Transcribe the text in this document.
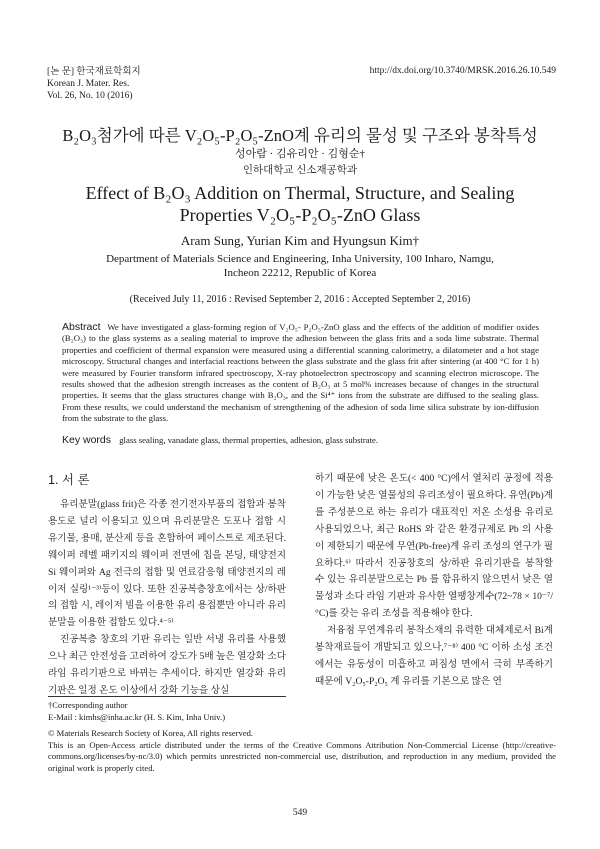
[논 문] 한국재료학회지
Korean J. Mater. Res.
Vol. 26, No. 10 (2016)
http://dx.doi.org/10.3740/MRSK.2016.26.10.549
B₂O₃첨가에 따른 V₂O₅-P₂O₅-ZnO계 유리의 물성 및 구조와 봉착특성
성아람 · 김유리안 · 김형순†
인하대학교 신소재공학과
Effect of B₂O₃ Addition on Thermal, Structure, and Sealing
Properties V₂O₅-P₂O₅-ZnO Glass
Aram Sung, Yurian Kim and Hyungsun Kim†
Department of Materials Science and Engineering, Inha University, 100 Inharo, Namgu,
Incheon 22212, Republic of Korea
(Received July 11, 2016 : Revised September 2, 2016 : Accepted September 2, 2016)
Abstract We have investigated a glass-forming region of V₂O₅- P₂O₅-ZnO glass and the effects of the addition of modifier oxides (B₂O₃) to the glass systems as a sealing material to improve the adhesion between the glass frits and a soda lime substrate. Thermal properties and coefficient of thermal expansion were measured using a differential scanning calorimetry, a dilatometer and a hot stage microscopy. Structural changes and interfacial reactions between the glass substrate and the glass frit after sintering (at 400 °C for 1 h) were measured by Fourier transform infrared spectroscopy, X-ray photoelectron spectroscopy and scanning electron microscope. The results showed that the adhesion strength increases as the content of B₂O₃ at 5 mol% increases because of changes in the structural properties. It seems that the glass structures change with B₂O₃, and the Si⁴⁺ ions from the substrate are diffused to the sealing glass. From these results, we could understand the mechanism of strengthening of the adhesion of soda lime silica substrate by ion-diffusion from the substrate to the glass.
Key words glass sealing, vanadate glass, thermal properties, adhesion, glass substrate.
1. 서 론

유리분말(glass frit)은 각종 전기전자부품의 접합과 봉착용도로 널리 이용되고 있으며 유리분말은 도포나 접합 시 유기물, 용매, 분산제 등을 혼합하여 페이스트로 제조된다. 웨이퍼 레벨 패키지의 웨이퍼 전면에 칩을 본딩, 태양전지 Si 웨이퍼와 Ag 전극의 접합 및 연료감응형 태양전지의 레이저 실링¹⁻³⁾등이 있다. 또한 진공복층창호에서는 상/하판의 접합 시, 레이저 빔을 이용한 유리 용접뿐만 아니라 유리분말을 이용한 접합도 있다.⁴⁻⁵⁾

진공복층 창호의 기판 유리는 일반 서냉 유리를 사용했으나 최근 안전성을 고려하여 강도가 5배 높은 열강화 소다라임 유리기판으로 바뀌는 추세이다. 하지만 열강화 유리기판은 일정 온도 이상에서 강화 기능을 상실

하기 때문에 낮은 온도(< 400 °C)에서 열처리 공정에 적용이 가능한 낮은 열물성의 유리조성이 필요하다. 유연(Pb)계를 주성분으로 하는 유리가 대표적인 저온 소성용 유리로 사용되었으나, 최근 RoHS 와 같은 환경규제로 Pb 의 사용이 제한되기 때문에 무연(Pb-free)계 유리 조성의 연구가 필요하다.⁶⁾ 따라서 진공창호의 상/하판 유리기판을 봉착할 수 있는 유리분말으로는 Pb 를 함유하지 않으면서 낮은 열물성과 소다 라임 기판과 유사한 열팽창계수(72~78 × 10⁻⁷/°C)를 갖는 유리 조성을 적용해야 한다.

저융점 무연계유리 봉착소재의 유력한 대체제로서 Bi계 봉착재료들이 개발되고 있으나,⁷⁻⁸⁾ 400 °C 이하 소성 조건에서는 유동성이 미흡하고 퍼짐성 면에서 극히 부족하기 때문에 V₂O₅-P₂O₅ 계 유리를 기본으로 많은 연

†Corresponding author
E-Mail : kimhs@inha.ac.kr (H. S. Kim, Inha Univ.)
© Materials Research Society of Korea, All rights reserved.
This is an Open-Access article distributed under the terms of the Creative Commons Attribution Non-Commercial License (http://creative-commons.org/licenses/by-nc/3.0) which permits unrestricted non-commercial use, distribution, and reproduction in any medium, provided the original work is properly cited.
549
